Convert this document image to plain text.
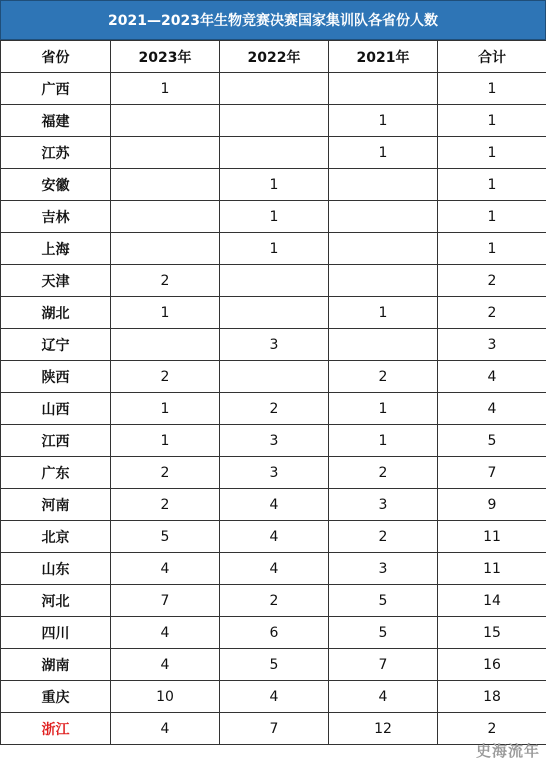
2021—2023年生物竞赛决赛国家集训队各省份人数
省份	2023年	2022年	2021年	合计
广西	1			1
福建			1	1
江苏			1	1
安徽		1		1
吉林		1		1
上海		1		1
天津	2			2
湖北	1		1	2
辽宁		3		3
陕西	2		2	4
山西	1	2	1	4
江西	1	3	1	5
广东	2	3	2	7
河南	2	4	3	9
北京	5	4	2	11
山东	4	4	3	11
河北	7	2	5	14
四川	4	6	5	15
湖南	4	5	7	16
重庆	10	4	4	18
浙江	4	7	12	2
史海流年
